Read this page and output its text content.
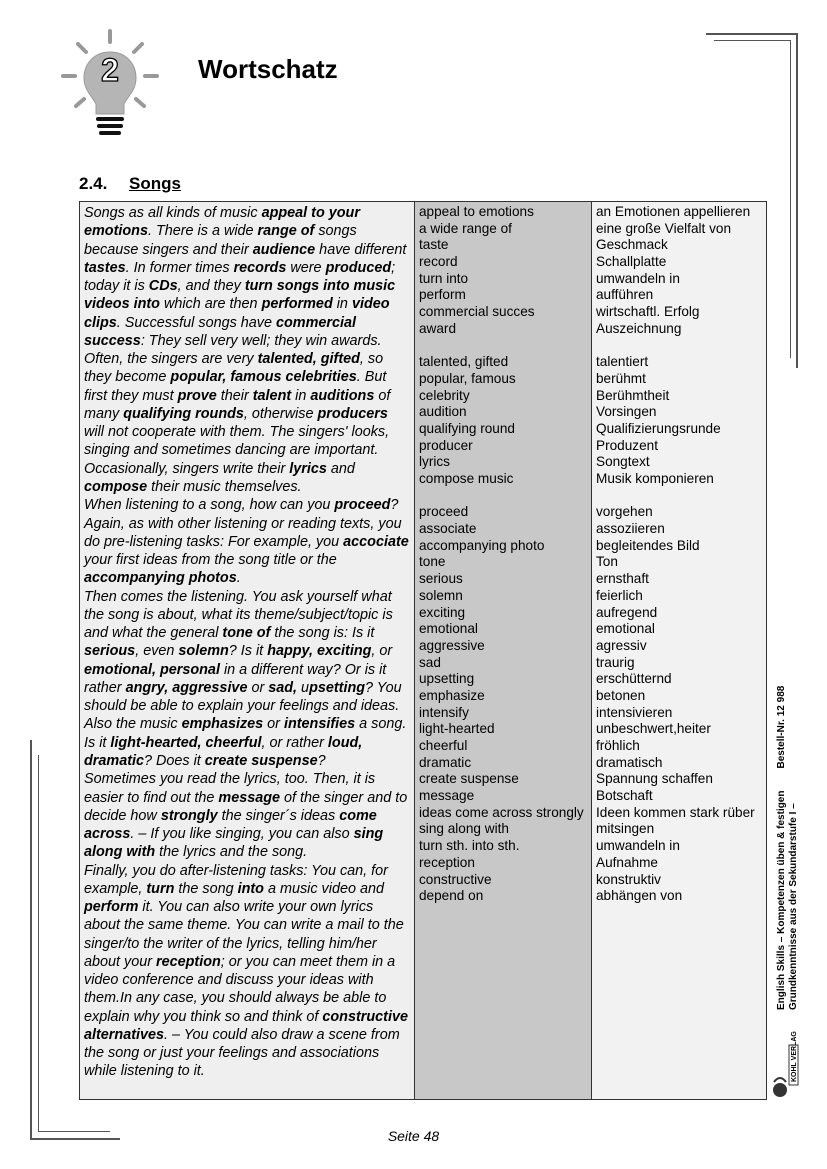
2	Wortschatz
2.4. Songs
Songs as all kinds of music appeal to your emotions. There is a wide range of songs because singers and their audience have different tastes. In former times records were produced; today it is CDs, and they turn songs into music videos into which are then performed in video clips. Successful songs have commercial success: They sell very well; they win awards.
Often, the singers are very talented, gifted, so they become popular, famous celebrities. But first they must prove their talent in auditions of many qualifying rounds, otherwise producers will not cooperate with them. The singers' looks, singing and sometimes dancing are important. Occasionally, singers write their lyrics and compose their music themselves.
When listening to a song, how can you proceed? Again, as with other listening or reading texts, you do pre-listening tasks: For example, you accociate your first ideas from the song title or the accompanying photos.
Then comes the listening. You ask yourself what the song is about, what its theme/subject/topic is and what the general tone of the song is: Is it serious, even solemn? Is it happy, exciting, or emotional, personal in a different way? Or is it rather angry, aggressive or sad, upsetting? You should be able to explain your feelings and ideas. Also the music emphasizes or intensifies a song. Is it light-hearted, cheerful, or rather loud, dramatic? Does it create suspense?
Sometimes you read the lyrics, too. Then, it is easier to find out the message of the singer and to decide how strongly the singer´s ideas come across. – If you like singing, you can also sing along with the lyrics and the song.
Finally, you do after-listening tasks: You can, for example, turn the song into a music video and perform it. You can also write your own lyrics about the same theme. You can write a mail to the singer/to the writer of the lyrics, telling him/her about your reception; or you can meet them in a video conference and discuss your ideas with them.In any case, you should always be able to explain why you think so and think of constructive alternatives. – You could also draw a scene from the song or just your feelings and associations while listening to it.
appeal to emotions
a wide range of
taste
record
turn into
perform
commercial succes
award
talented, gifted
popular, famous
celebrity
audition
qualifying round
producer
lyrics
compose music
proceed
associate
accompanying photo
tone
serious
solemn
exciting
emotional
aggressive
sad
upsetting
emphasize
intensify
light-hearted
cheerful
dramatic
create suspense
message
ideas come across strongly
sing along with
turn sth. into sth.
reception
constructive
depend on
an Emotionen appellieren
eine große Vielfalt von
Geschmack
Schallplatte
umwandeln in
aufführen
wirtschaftl. Erfolg
Auszeichnung
talentiert
berühmt
Berühmtheit
Vorsingen
Qualifizierungsrunde
Produzent
Songtext
Musik komponieren
vorgehen
assoziieren
begleitendes Bild
Ton
ernsthaft
feierlich
aufregend
emotional
agressiv
traurig
erschütternd
betonen
intensivieren
unbeschwert,heiter
fröhlich
dramatisch
Spannung schaffen
Botschaft
Ideen kommen stark rüber
mitsingen
umwandeln in
Aufnahme
konstruktiv
abhängen von	English Skills – Kompetenzen üben & festigenBestell-Nr. 12 988
Grundkenntnisse aus der Sekundarstufe I –
KOHL VERLAG
Seite 48
